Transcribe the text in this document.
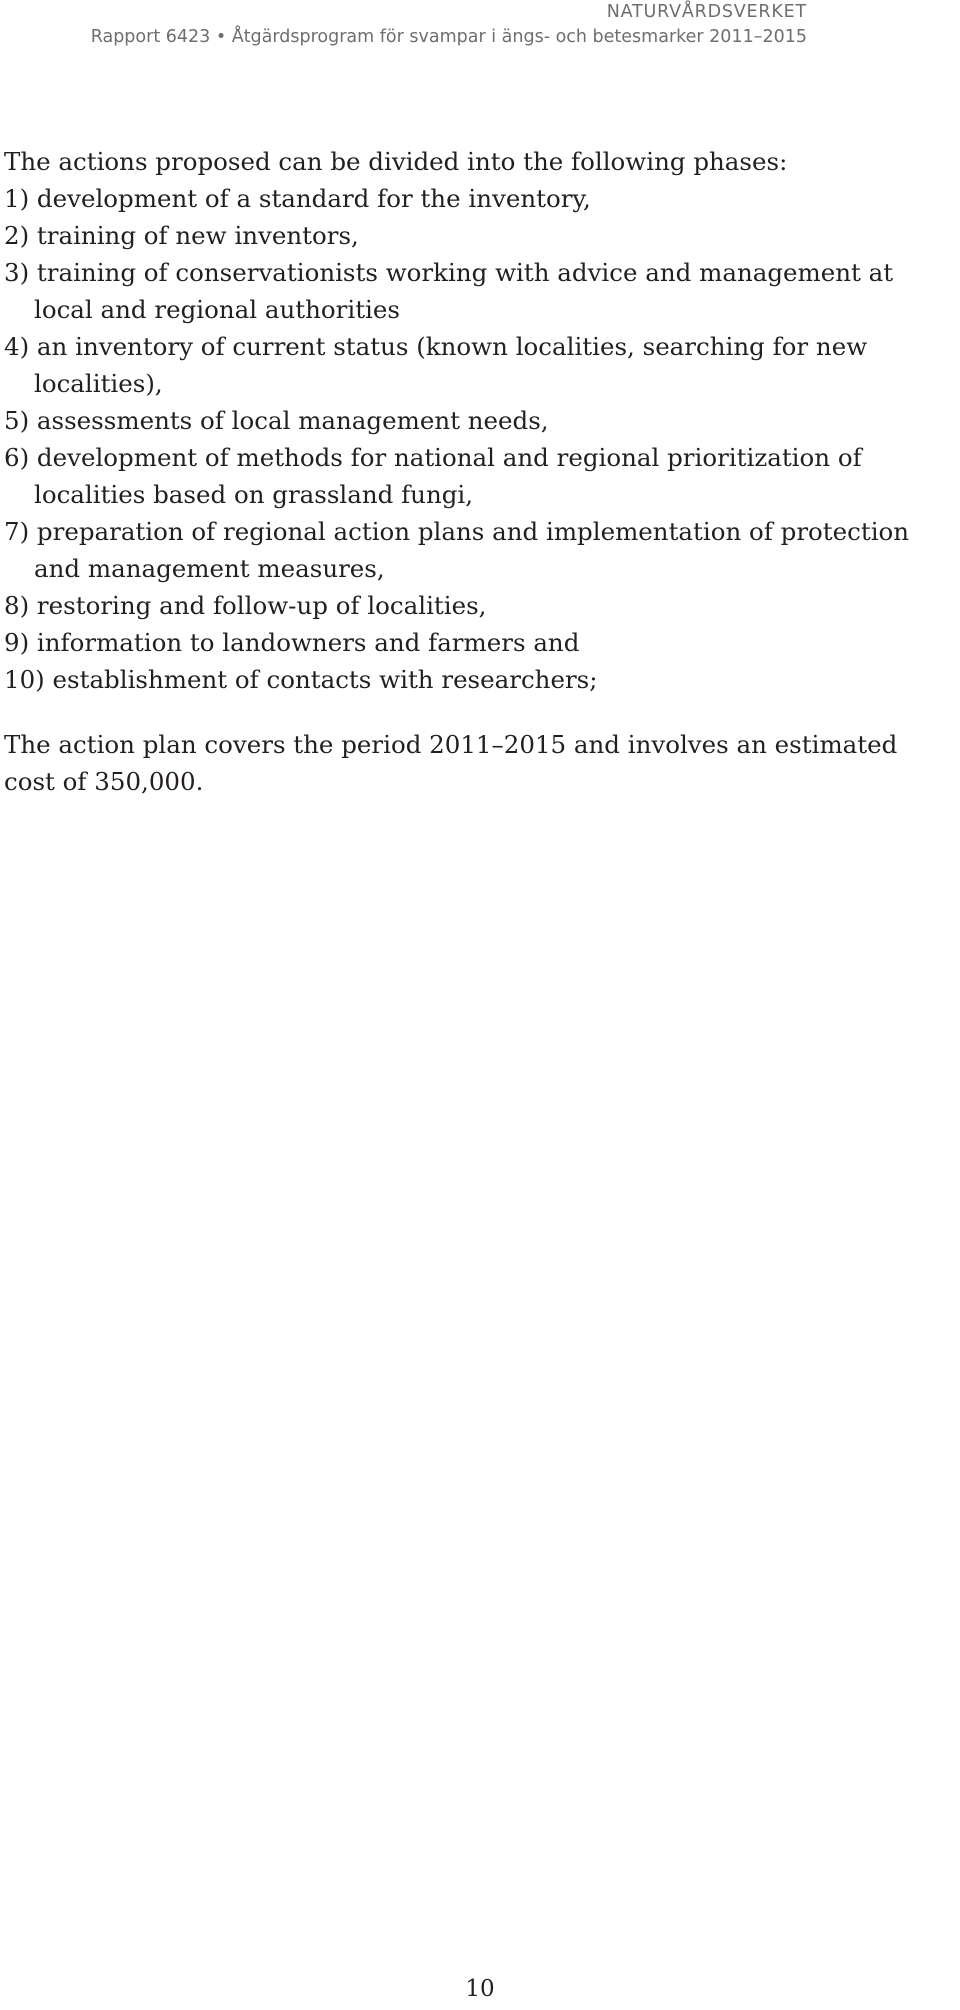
NATURVÅRDSVERKET
Rapport 6423 • Åtgärdsprogram för svampar i ängs- och betesmarker 2011–2015

The actions proposed can be divided into the following phases:

1) development of a standard for the inventory,
2) training of new inventors,
3) training of conservationists working with advice and management at local and regional authorities
4) an inventory of current status (known localities, searching for new localities),
5) assessments of local management needs,
6) development of methods for national and regional prioritization of localities based on grassland fungi,
7) preparation of regional action plans and implementation of protection and management measures,
8) restoring and follow-up of localities,
9) information to landowners and farmers and
10) establishment of contacts with researchers;

The action plan covers the period 2011–2015 and involves an estimated cost of 350,000.

10
